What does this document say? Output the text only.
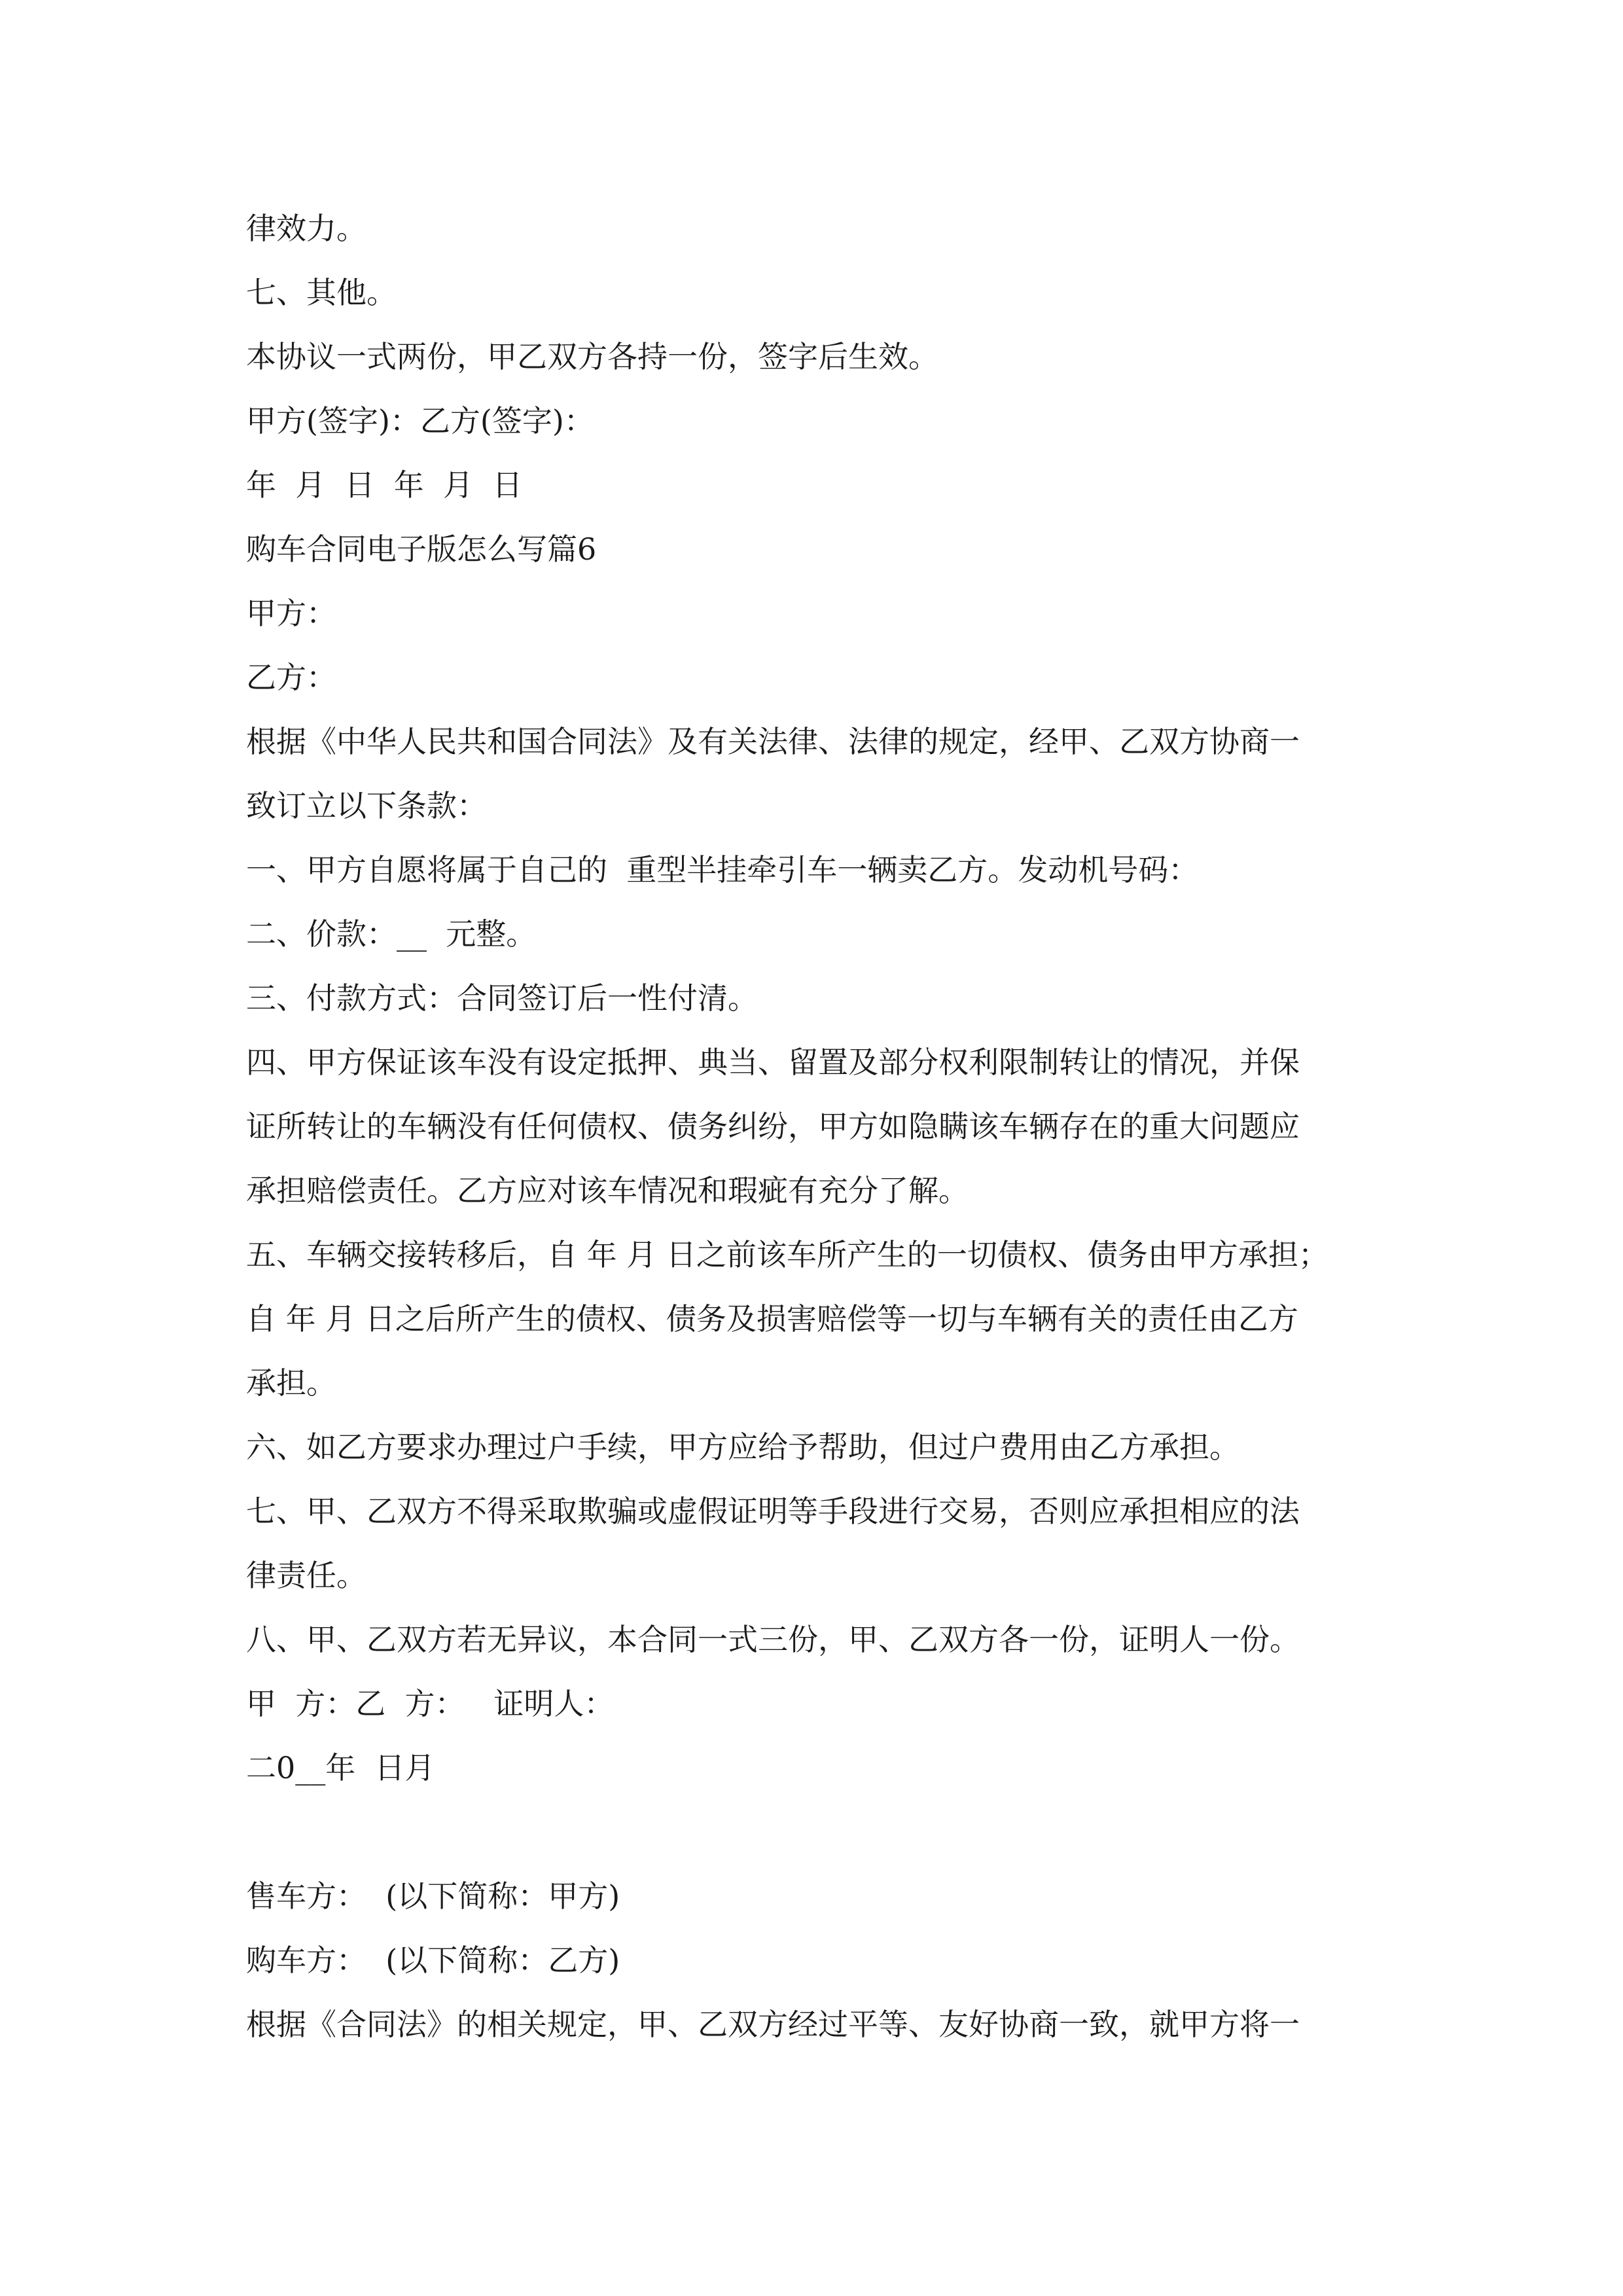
律效力。
七、其他。
本协议一式两份，甲乙双方各持一份，签字后生效。
甲方(签字)：乙方(签字)：
年  月  日  年  月  日
购车合同电子版怎么写篇6
甲方：
乙方：
根据《中华人民共和国合同法》及有关法律、法律的规定，经甲、乙双方协商一
致订立以下条款：
一、甲方自愿将属于自己的  重型半挂牵引车一辆卖乙方。发动机号码：
二、价款：__  元整。
三、付款方式：合同签订后一性付清。
四、甲方保证该车没有设定抵押、典当、留置及部分权利限制转让的情况，并保
证所转让的车辆没有任何债权、债务纠纷，甲方如隐瞒该车辆存在的重大问题应
承担赔偿责任。乙方应对该车情况和瑕疵有充分了解。
五、车辆交接转移后，自 年 月 日之前该车所产生的一切债权、债务由甲方承担；
自 年 月 日之后所产生的债权、债务及损害赔偿等一切与车辆有关的责任由乙方
承担。
六、如乙方要求办理过户手续，甲方应给予帮助，但过户费用由乙方承担。
七、甲、乙双方不得采取欺骗或虚假证明等手段进行交易，否则应承担相应的法
律责任。
八、甲、乙双方若无异议，本合同一式三份，甲、乙双方各一份，证明人一份。
甲  方：乙  方：   证明人：
二0__年  日月
售车方：  (以下简称：甲方)
购车方：  (以下简称：乙方)
根据《合同法》的相关规定，甲、乙双方经过平等、友好协商一致，就甲方将一
